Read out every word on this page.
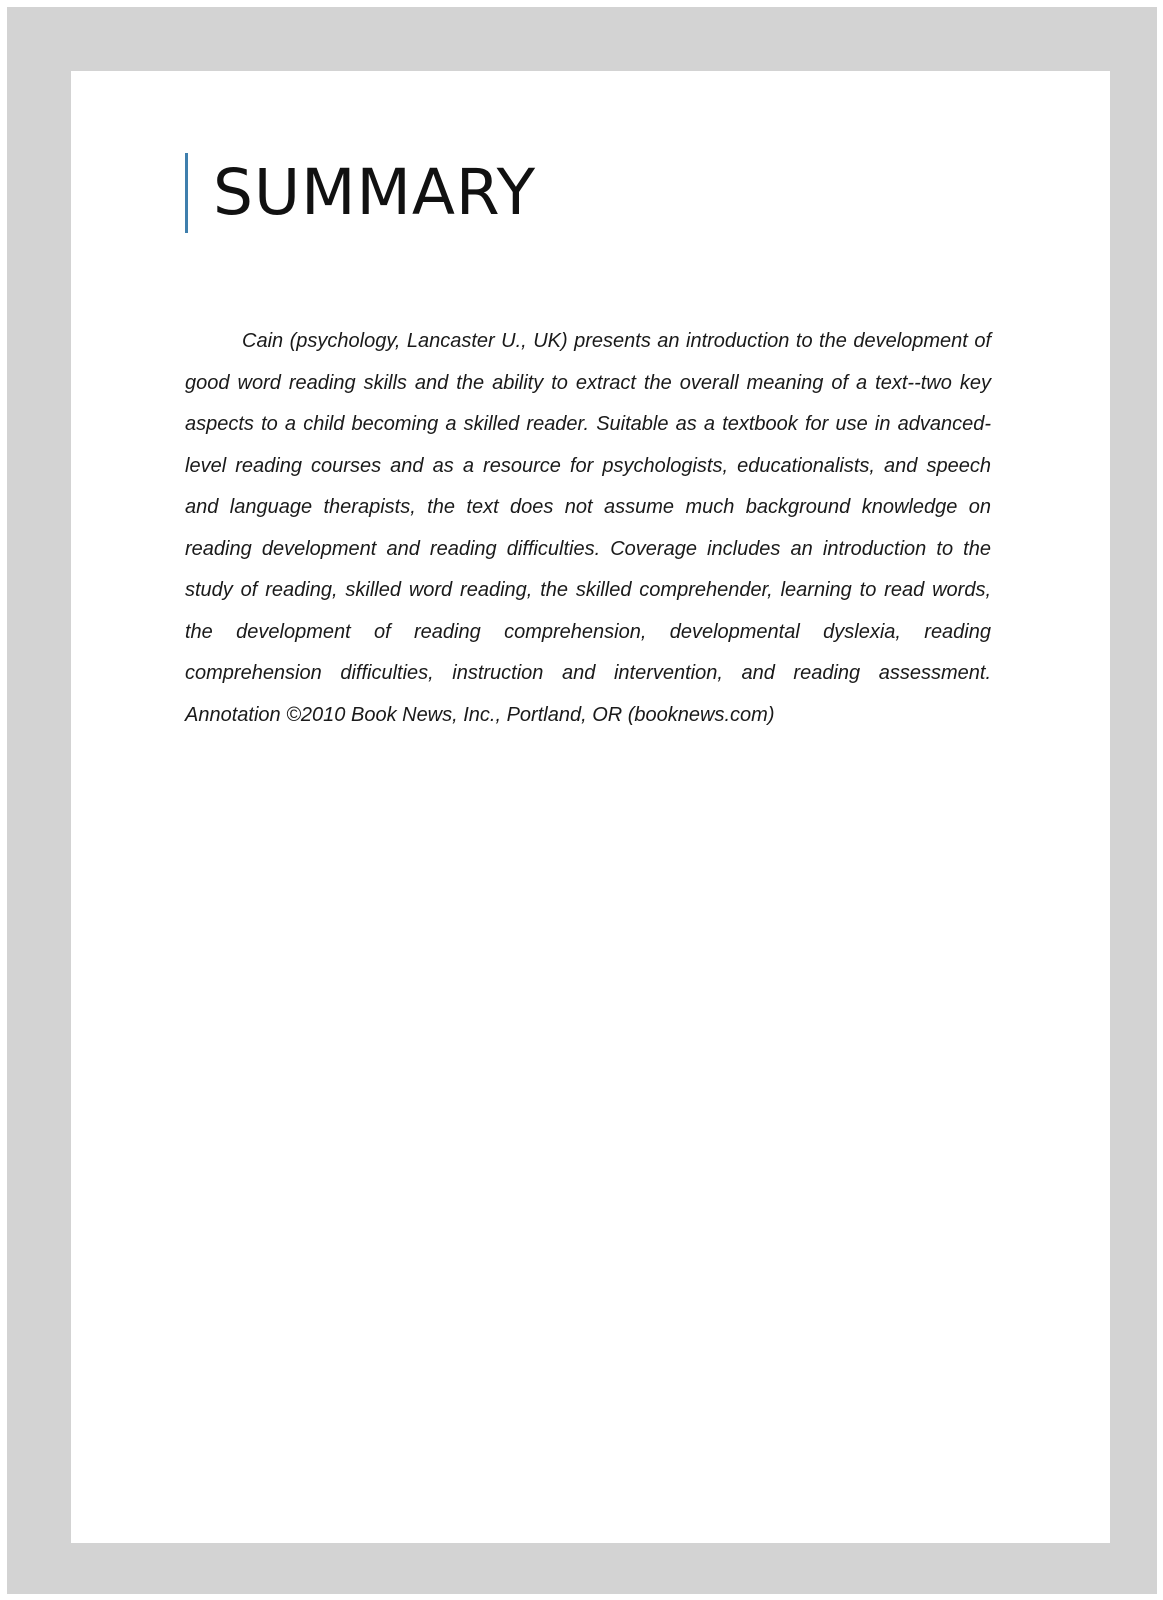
SUMMARY

Cain (psychology, Lancaster U., UK) presents an introduction to the development of good word reading skills and the ability to extract the overall meaning of a text--two key aspects to a child becoming a skilled reader. Suitable as a textbook for use in advanced-level reading courses and as a resource for psychologists, educationalists, and speech and language therapists, the text does not assume much background knowledge on reading development and reading difficulties. Coverage includes an introduction to the study of reading, skilled word reading, the skilled comprehender, learning to read words, the development of reading comprehension, developmental dyslexia, reading comprehension difficulties, instruction and intervention, and reading assessment. Annotation ©2010 Book News, Inc., Portland, OR (booknews.com)
